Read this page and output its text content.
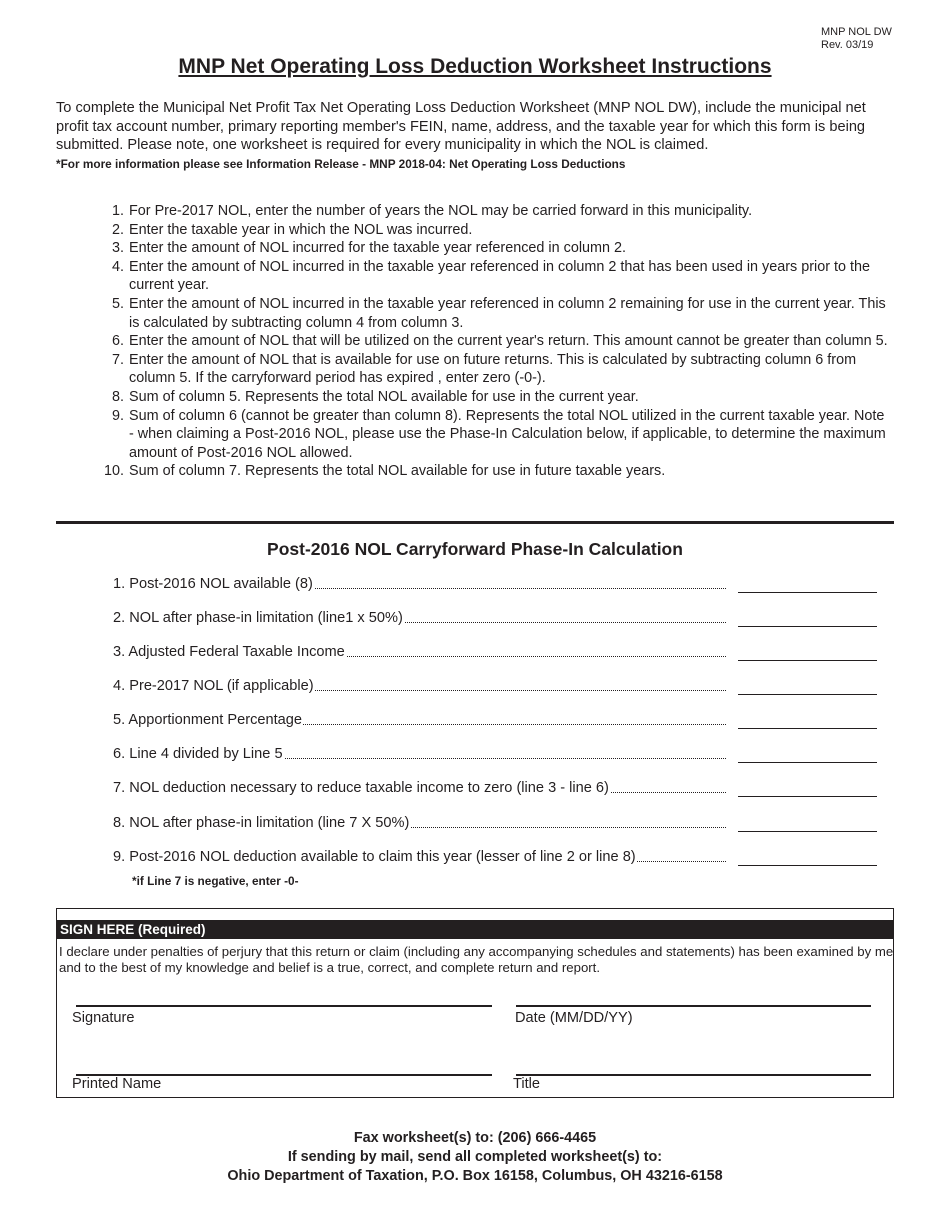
MNP NOL DW
Rev. 03/19
MNP Net Operating Loss Deduction Worksheet Instructions

To complete the Municipal Net Profit Tax Net Operating Loss Deduction Worksheet (MNP NOL DW), include the municipal net profit tax account number, primary reporting member's FEIN, name, address, and the taxable year for which this form is being submitted. Please note, one worksheet is required for every municipality in which the NOL is claimed.

*For more information please see Information Release - MNP 2018-04: Net Operating Loss Deductions
1. For Pre-2017 NOL, enter the number of years the NOL may be carried forward in this municipality.
2. Enter the taxable year in which the NOL was incurred.
3. Enter the amount of NOL incurred for the taxable year referenced in column 2.
4. Enter the amount of NOL incurred in the taxable year referenced in column 2 that has been used in years prior to the current year.
5. Enter the amount of NOL incurred in the taxable year referenced in column 2 remaining for use in the current year. This is calculated by subtracting column 4 from column 3.
6. Enter the amount of NOL that will be utilized on the current year's return. This amount cannot be greater than column 5.
7. Enter the amount of NOL that is available for use on future returns. This is calculated by subtracting column 6 from column 5. If the carryforward period has expired , enter zero (-0-).
8. Sum of column 5. Represents the total NOL available for use in the current year.
9. Sum of column 6 (cannot be greater than column 8). Represents the total NOL utilized in the current taxable year. Note - when claiming a Post-2016 NOL, please use the Phase-In Calculation below, if applicable, to determine the maximum amount of Post-2016 NOL allowed.
10. Sum of column 7. Represents the total NOL available for use in future taxable years.
Post-2016 NOL Carryforward Phase-In Calculation
1. Post-2016 NOL available (8)
2. NOL after phase-in limitation (line1 x 50%)
3. Adjusted Federal Taxable Income
4. Pre-2017 NOL (if applicable)
5. Apportionment Percentage
6. Line 4 divided by Line 5
7. NOL deduction necessary to reduce taxable income to zero (line 3 - line 6)
8. NOL after phase-in limitation (line 7 X 50%)
9. Post-2016 NOL deduction available to claim this year (lesser of line 2 or line 8)
*if Line 7 is negative, enter -0-
SIGN HERE (Required)

I declare under penalties of perjury that this return or claim (including any accompanying schedules and statements) has been examined by me and to the best of my knowledge and belief is a true, correct, and complete return and report.

Signature	Date (MM/DD/YY)
Printed Name	Title
Fax worksheet(s) to: (206) 666-4465
If sending by mail, send all completed worksheet(s) to:
Ohio Department of Taxation, P.O. Box 16158, Columbus, OH 43216-6158
